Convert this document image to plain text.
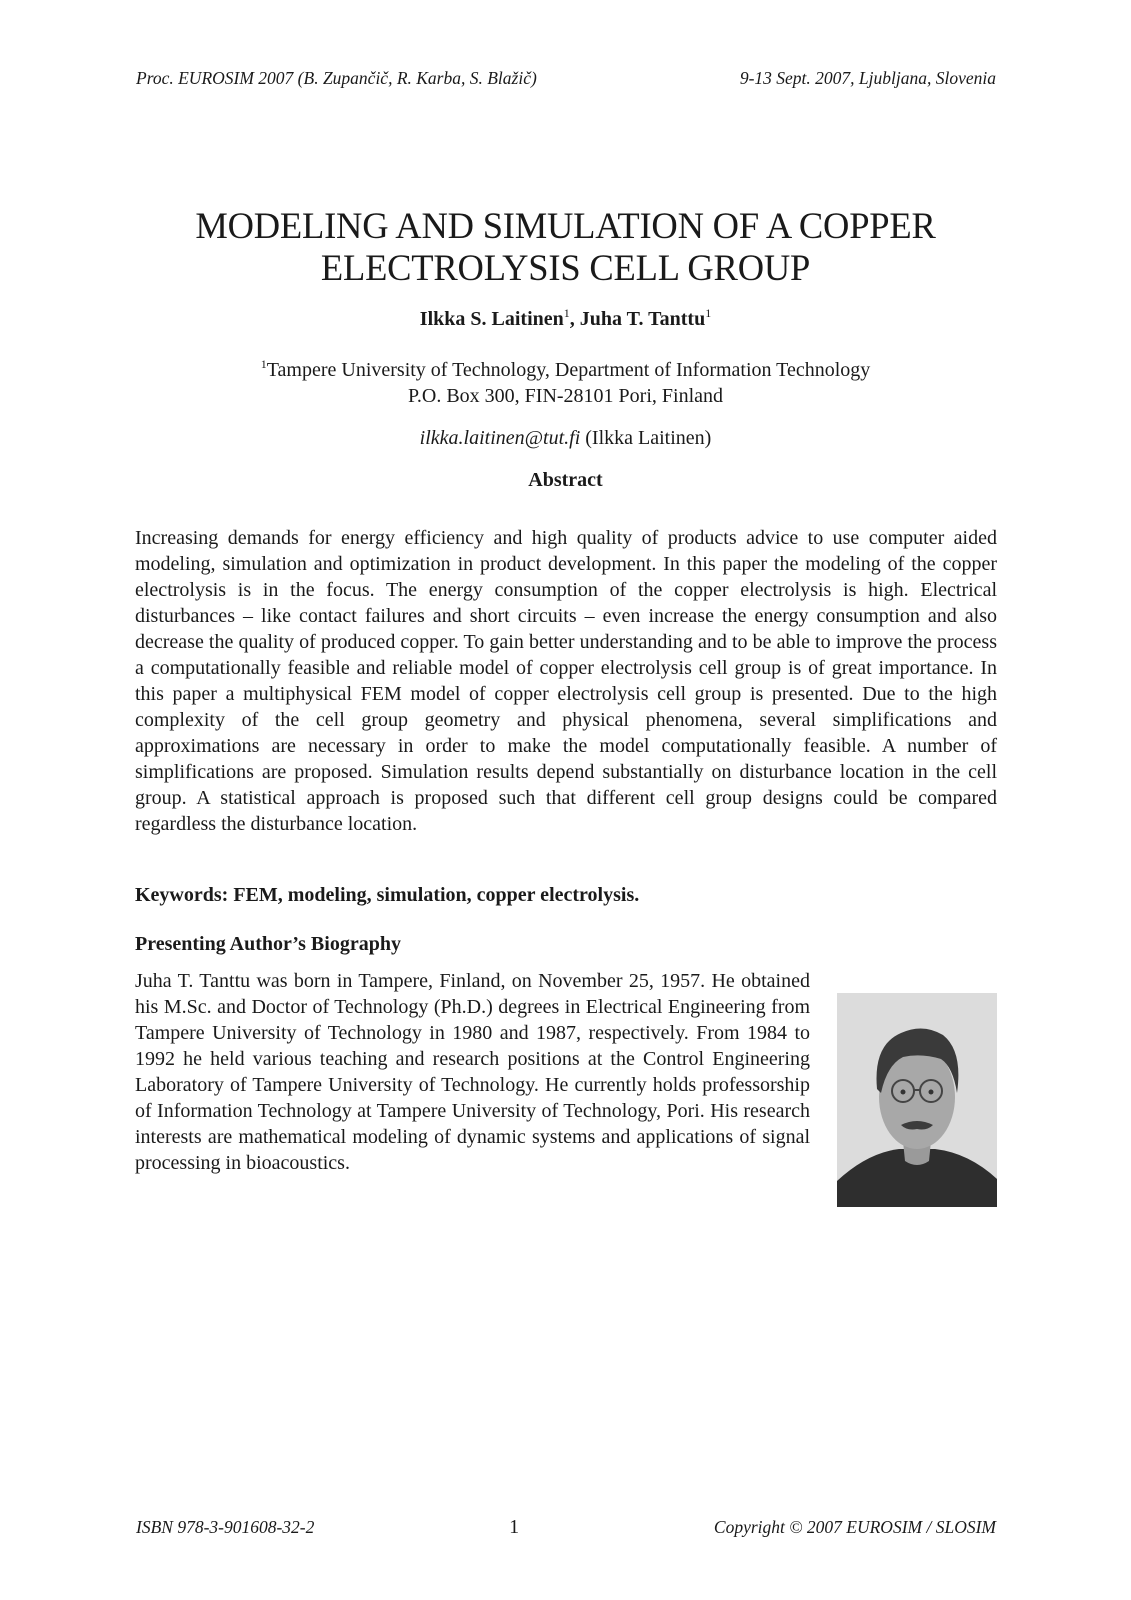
Proc. EUROSIM 2007 (B. Zupančič, R. Karba, S. Blažič)	9-13 Sept. 2007, Ljubljana, Slovenia
MODELING AND SIMULATION OF A COPPER
ELECTROLYSIS CELL GROUP
Ilkka S. Laitinen$^1$, Juha T. Tanttu$^1$
$^1$Tampere University of Technology, Department of Information Technology
P.O. Box 300, FIN-28101 Pori, Finland
ilkka.laitinen@tut.fi (Ilkka Laitinen)
Abstract
Increasing demands for energy efficiency and high quality of products advice to use computer aided modeling, simulation and optimization in product development. In this paper the modeling of the copper electrolysis is in the focus. The energy consumption of the copper electrolysis is high. Electrical disturbances – like contact failures and short circuits – even increase the energy consumption and also decrease the quality of produced copper. To gain better understanding and to be able to improve the process a computationally feasible and reliable model of copper electrolysis cell group is of great importance. In this paper a multiphysical FEM model of copper electrolysis cell group is presented. Due to the high complexity of the cell group geometry and physical phenomena, several simplifications and approximations are necessary in order to make the model computationally feasible. A number of simplifications are proposed. Simulation results depend substantially on disturbance location in the cell group. A statistical approach is proposed such that different cell group designs could be compared regardless the disturbance location.
Keywords: FEM, modeling, simulation, copper electrolysis.
Presenting Author’s Biography
Juha T. Tanttu was born in Tampere, Finland, on November 25, 1957. He obtained his M.Sc. and Doctor of Technology (Ph.D.) degrees in Electrical Engineering from Tampere University of Technology in 1980 and 1987, respectively. From 1984 to 1992 he held various teaching and research positions at the Control Engineering Laboratory of Tampere University of Technology. He currently holds professorship of Information Technology at Tampere University of Technology, Pori. His research interests are mathematical modeling of dynamic systems and applications of signal processing in bioacoustics.
ISBN 978-3-901608-32-2	1	Copyright © 2007 EUROSIM / SLOSIM
